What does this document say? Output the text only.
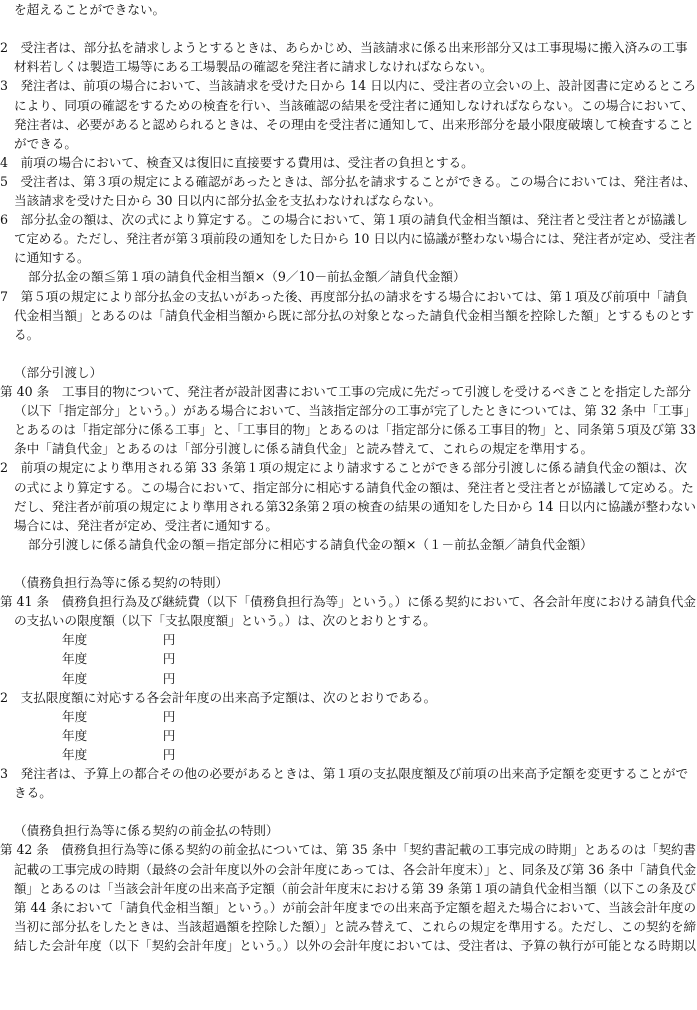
を超えることができない。
2　受注者は、部分払を請求しようとするときは、あらかじめ、当該請求に係る出来形部分又は工事現場に搬入済みの工事
材料若しくは製造工場等にある工場製品の確認を発注者に請求しなければならない。
3　発注者は、前項の場合において、当該請求を受けた日から 14 日以内に、受注者の立会いの上、設計図書に定めるところ
により、同項の確認をするための検査を行い、当該確認の結果を受注者に通知しなければならない。この場合において、
発注者は、必要があると認められるときは、その理由を受注者に通知して、出来形部分を最小限度破壊して検査すること
ができる。
4　前項の場合において、検査又は復旧に直接要する費用は、受注者の負担とする。
5　受注者は、第３項の規定による確認があったときは、部分払を請求することができる。この場合においては、発注者は、
当該請求を受けた日から 30 日以内に部分払金を支払わなければならない。
6　部分払金の額は、次の式により算定する。この場合において、第１項の請負代金相当額は、発注者と受注者とが協議し
て定める。ただし、発注者が第３項前段の通知をした日から 10 日以内に協議が整わない場合には、発注者が定め、受注者
に通知する。
部分払金の額≦第１項の請負代金相当額×（9／10－前払金額／請負代金額）
7　第５項の規定により部分払金の支払いがあった後、再度部分払の請求をする場合においては、第１項及び前項中「請負
代金相当額」とあるのは「請負代金相当額から既に部分払の対象となった請負代金相当額を控除した額」とするものとす
る。
（部分引渡し）
第 40 条　工事目的物について、発注者が設計図書において工事の完成に先だって引渡しを受けるべきことを指定した部分
（以下「指定部分」という。）がある場合において、当該指定部分の工事が完了したときについては、第 32 条中「工事」
とあるのは「指定部分に係る工事」と、「工事目的物」とあるのは「指定部分に係る工事目的物」と、同条第５項及び第 33
条中「請負代金」とあるのは「部分引渡しに係る請負代金」と読み替えて、これらの規定を準用する。
2　前項の規定により準用される第 33 条第１項の規定により請求することができる部分引渡しに係る請負代金の額は、次
の式により算定する。この場合において、指定部分に相応する請負代金の額は、発注者と受注者とが協議して定める。た
だし、発注者が前項の規定により準用される第32条第２項の検査の結果の通知をした日から 14 日以内に協議が整わない
場合には、発注者が定め、受注者に通知する。
部分引渡しに係る請負代金の額＝指定部分に相応する請負代金の額×（１－前払金額／請負代金額）
（債務負担行為等に係る契約の特則）
第 41 条　債務負担行為及び継続費（以下「債務負担行為等」という。）に係る契約において、各会計年度における請負代金
の支払いの限度額（以下「支払限度額」という。）は、次のとおりとする。
年度　　　　　　円
年度　　　　　　円
年度　　　　　　円
2　支払限度額に対応する各会計年度の出来高予定額は、次のとおりである。
年度　　　　　　円
年度　　　　　　円
年度　　　　　　円
3　発注者は、予算上の都合その他の必要があるときは、第１項の支払限度額及び前項の出来高予定額を変更することがで
きる。
（債務負担行為等に係る契約の前金払の特則）
第 42 条　債務負担行為等に係る契約の前金払については、第 35 条中「契約書記載の工事完成の時期」とあるのは「契約書
記載の工事完成の時期（最終の会計年度以外の会計年度にあっては、各会計年度末）」と、同条及び第 36 条中「請負代金
額」とあるのは「当該会計年度の出来高予定額（前会計年度末における第 39 条第１項の請負代金相当額（以下この条及び
第 44 条において「請負代金相当額」という。）が前会計年度までの出来高予定額を超えた場合において、当該会計年度の
当初に部分払をしたときは、当該超過額を控除した額）」と読み替えて、これらの規定を準用する。ただし、この契約を締
結した会計年度（以下「契約会計年度」という。）以外の会計年度においては、受注者は、予算の執行が可能となる時期以
